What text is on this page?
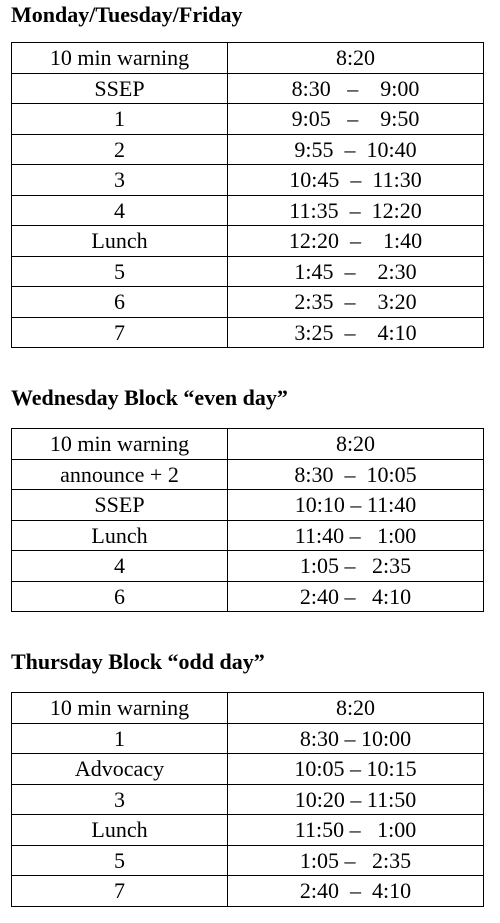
Monday/Tuesday/Friday
10 min warning	8:20
SSEP	8:30   –    9:00
1	9:05   –    9:50
2	9:55  –  10:40
3	10:45  –  11:30
4	11:35  –  12:20
Lunch	12:20  –    1:40
5	1:45  –    2:30
6	2:35  –    3:20
7	3:25  –    4:10
Wednesday Block “even day”
10 min warning	8:20
announce + 2	8:30  –  10:05
SSEP	10:10 – 11:40
Lunch	11:40 –   1:00
4	1:05 –   2:35
6	2:40 –   4:10
Thursday Block “odd day”
10 min warning	8:20
1	8:30 – 10:00
Advocacy	10:05 – 10:15
3	10:20 – 11:50
Lunch	11:50 –   1:00
5	1:05 –   2:35
7	2:40  –  4:10
